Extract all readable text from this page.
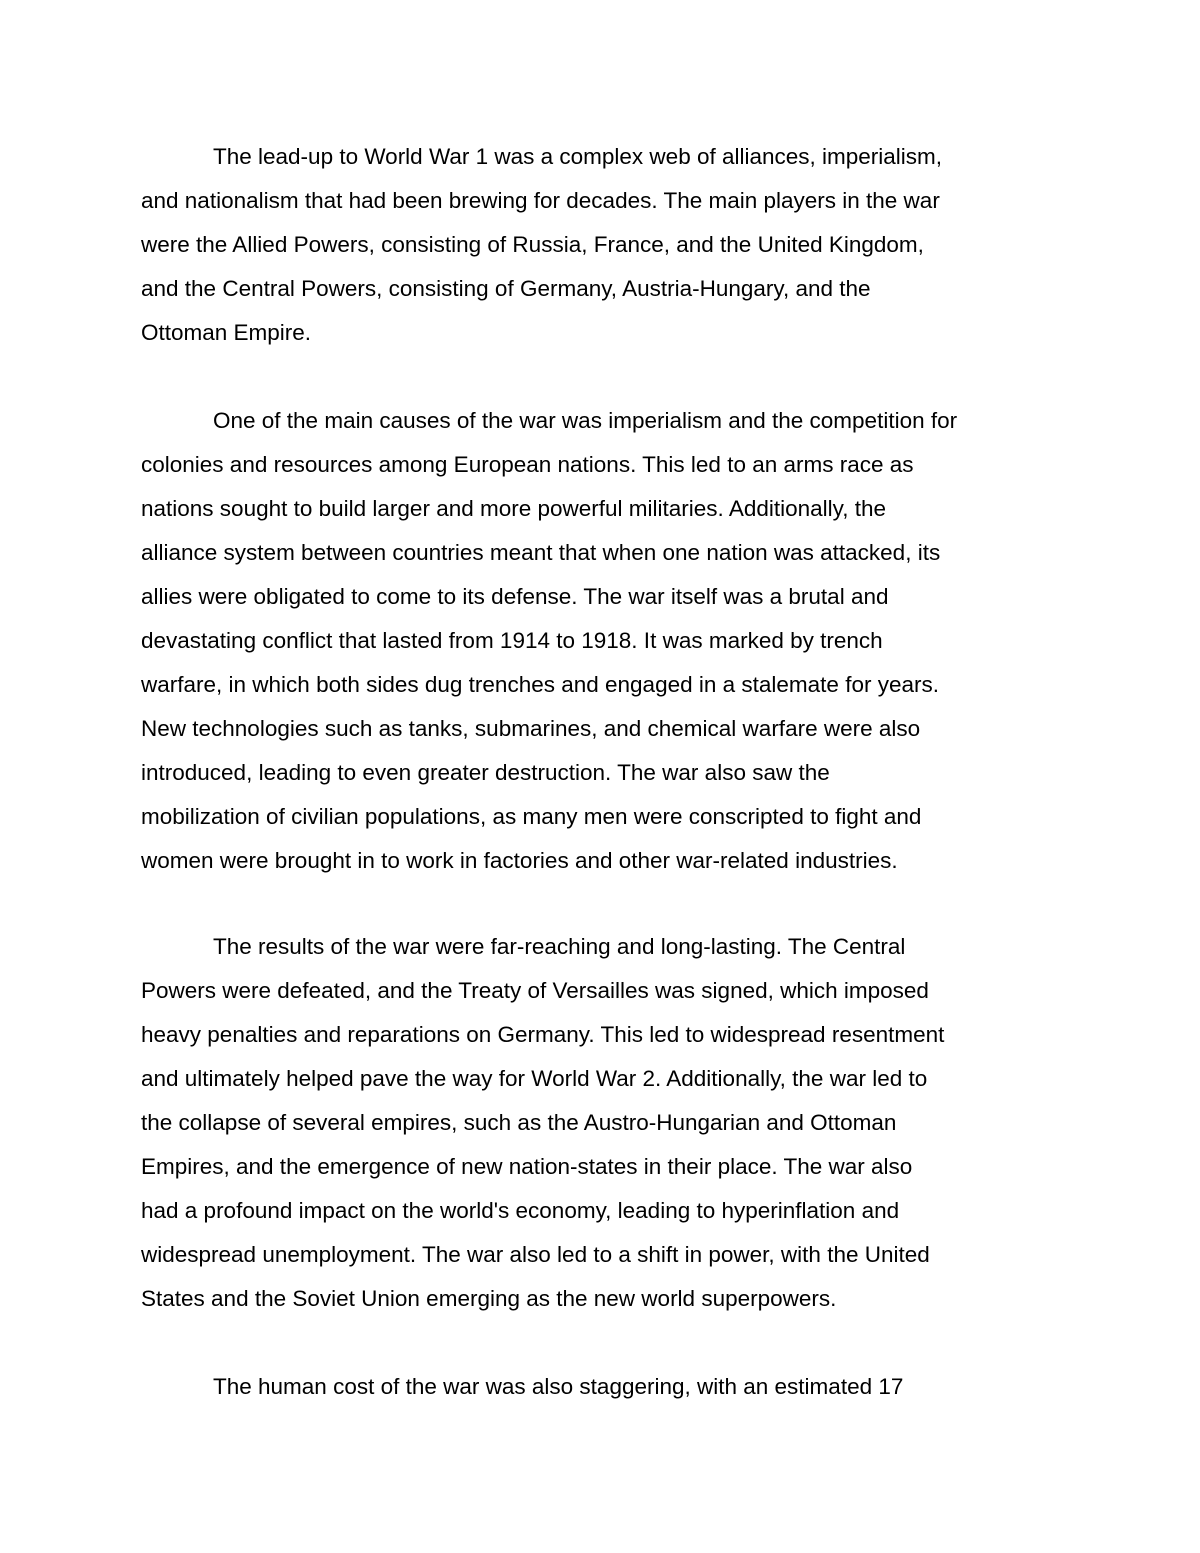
The lead-up to World War 1 was a complex web of alliances, imperialism,
and nationalism that had been brewing for decades. The main players in the war
were the Allied Powers, consisting of Russia, France, and the United Kingdom,
and the Central Powers, consisting of Germany, Austria-Hungary, and the
Ottoman Empire.

One of the main causes of the war was imperialism and the competition for
colonies and resources among European nations. This led to an arms race as
nations sought to build larger and more powerful militaries. Additionally, the
alliance system between countries meant that when one nation was attacked, its
allies were obligated to come to its defense. The war itself was a brutal and
devastating conflict that lasted from 1914 to 1918. It was marked by trench
warfare, in which both sides dug trenches and engaged in a stalemate for years.
New technologies such as tanks, submarines, and chemical warfare were also
introduced, leading to even greater destruction. The war also saw the
mobilization of civilian populations, as many men were conscripted to fight and
women were brought in to work in factories and other war-related industries.

The results of the war were far-reaching and long-lasting. The Central
Powers were defeated, and the Treaty of Versailles was signed, which imposed
heavy penalties and reparations on Germany. This led to widespread resentment
and ultimately helped pave the way for World War 2. Additionally, the war led to
the collapse of several empires, such as the Austro-Hungarian and Ottoman
Empires, and the emergence of new nation-states in their place. The war also
had a profound impact on the world's economy, leading to hyperinflation and
widespread unemployment. The war also led to a shift in power, with the United
States and the Soviet Union emerging as the new world superpowers.

The human cost of the war was also staggering, with an estimated 17
